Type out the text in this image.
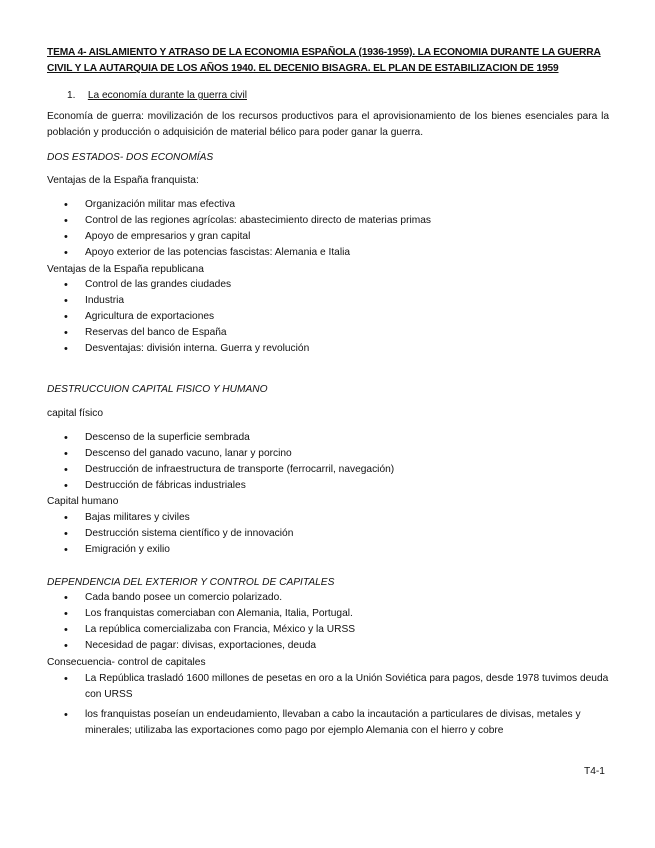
TEMA 4- AISLAMIENTO Y ATRASO DE LA ECONOMIA ESPAÑOLA (1936-1959). LA ECONOMIA DURANTE LA GUERRA CIVIL Y LA AUTARQUIA DE LOS AÑOS 1940. EL DECENIO BISAGRA. EL PLAN DE ESTABILIZACION DE 1959
1. La economía durante la guerra civil
Economía de guerra: movilización de los recursos productivos para el aprovisionamiento de los bienes esenciales para la población y producción o adquisición de material bélico para poder ganar la guerra.
DOS ESTADOS- DOS ECONOMÍAS
Ventajas de la España franquista:
• Organización militar mas efectiva
• Control de las regiones agrícolas: abastecimiento directo de materias primas
• Apoyo de empresarios y gran capital
• Apoyo exterior de las potencias fascistas: Alemania e Italia
Ventajas de la España republicana
• Control de las grandes ciudades
• Industria
• Agricultura de exportaciones
• Reservas del banco de España
• Desventajas: división interna. Guerra y revolución
DESTRUCCUION CAPITAL FISICO Y HUMANO
capital físico
• Descenso de la superficie sembrada
• Descenso del ganado vacuno, lanar y porcino
• Destrucción de infraestructura de transporte (ferrocarril, navegación)
• Destrucción de fábricas industriales
Capital humano
• Bajas militares y civiles
• Destrucción sistema científico y de innovación
• Emigración y exilio
DEPENDENCIA DEL EXTERIOR Y CONTROL DE CAPITALES
• Cada bando posee un comercio polarizado.
• Los franquistas comerciaban con Alemania, Italia, Portugal.
• La república comercializaba con Francia, México y la URSS
• Necesidad de pagar: divisas, exportaciones, deuda
Consecuencia- control de capitales
• La República trasladó 1600 millones de pesetas en oro a la Unión Soviética para pagos, desde 1978 tuvimos deuda con URSS
• los franquistas poseían un endeudamiento, llevaban a cabo la incautación a particulares de divisas, metales y minerales; utilizaba las exportaciones como pago por ejemplo Alemania con el hierro y cobre
T4-1
